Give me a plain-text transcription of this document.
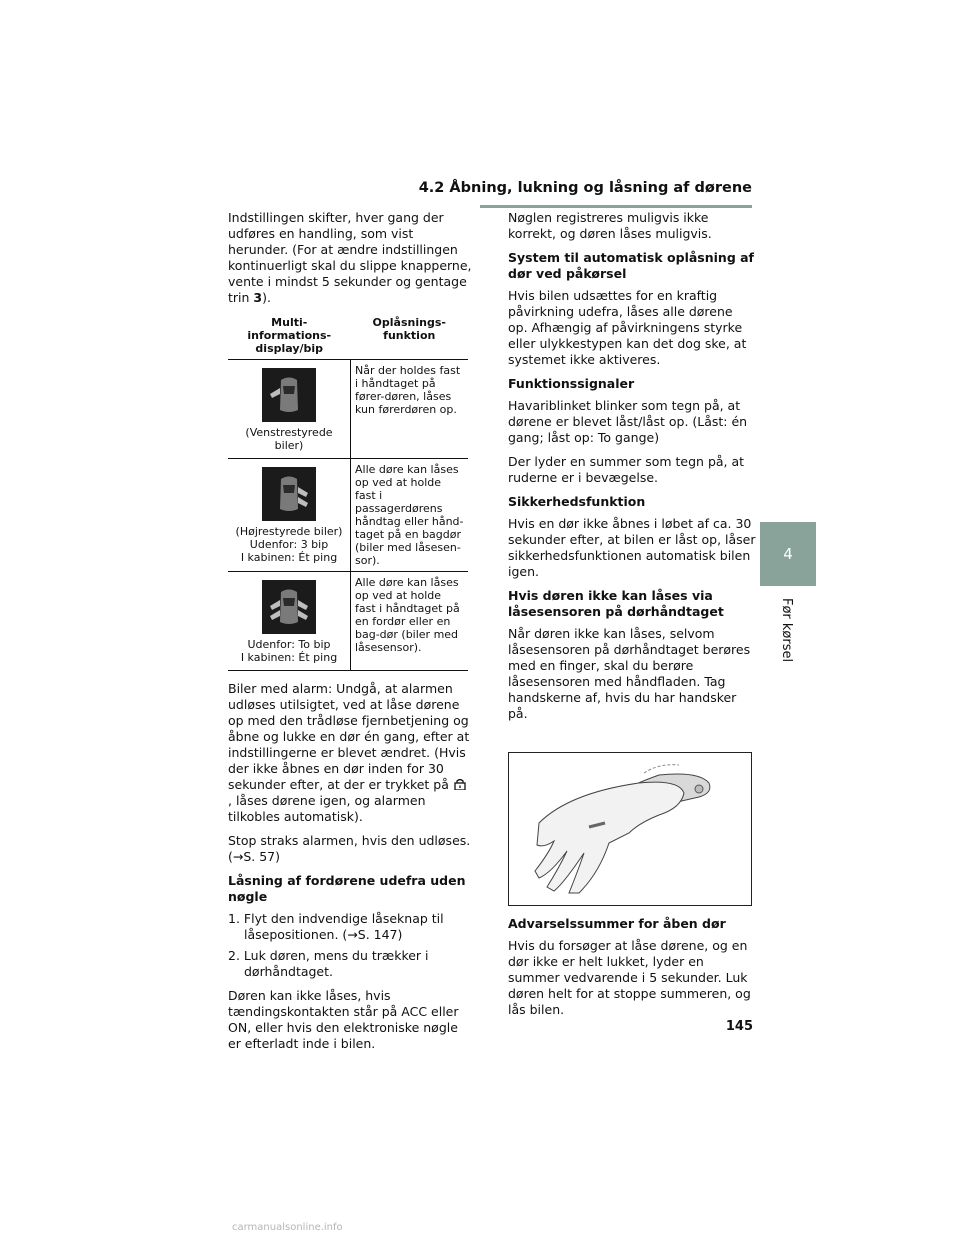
4.2 Åbning, lukning og låsning af dørene
4
Før kørsel

Indstillingen skifter, hver gang der udføres en handling, som vist herunder. (For at ændre indstillingen kontinuerligt skal du slippe knapperne, vente i mindst 5 sekunder og gentage trin 3).

Multi-informations-display/bip	Oplåsnings-funktion

(Venstrestyrede biler)	Når der holdes fast i håndtaget på fører-døren, låses kun førerdøren op.

(Højrestyrede biler)
Udenfor: 3 bip
I kabinen: Ét ping	Alle døre kan låses op ved at holde fast i passagerdørens håndtag eller hånd-taget på en bagdør (biler med låsesen-sor).

Udenfor: To bip
I kabinen: Ét ping	Alle døre kan låses op ved at holde fast i håndtaget på en fordør eller en bag-dør (biler med låsesensor).

Biler med alarm: Undgå, at alarmen udløses utilsigtet, ved at låse dørene op med den trådløse fjernbetjening og åbne og lukke en dør én gang, efter at indstillingerne er blevet ændret. (Hvis der ikke åbnes en dør inden for 30 sekunder efter, at der er trykket på, låses dørene igen, og alarmen tilkobles automatisk).

Stop straks alarmen, hvis den udløses. (→S. 57)

Låsning af fordørene udefra uden nøgle
1. Flyt den indvendige låseknap til låsepositionen. (→S. 147)
2. Luk døren, mens du trækker i dørhåndtaget.

Døren kan ikke låses, hvis tændingskontakten står på ACC eller ON, eller hvis den elektroniske nøgle er efterladt inde i bilen.

Nøglen registreres muligvis ikke korrekt, og døren låses muligvis.

System til automatisk oplåsning af dør ved påkørsel

Hvis bilen udsættes for en kraftig påvirkning udefra, låses alle dørene op. Afhængig af påvirkningens styrke eller ulykkestypen kan det dog ske, at systemet ikke aktiveres.

Funktionssignaler

Havariblinket blinker som tegn på, at dørene er blevet låst/låst op. (Låst: én gang; låst op: To gange)

Der lyder en summer som tegn på, at ruderne er i bevægelse.

Sikkerhedsfunktion

Hvis en dør ikke åbnes i løbet af ca. 30 sekunder efter, at bilen er låst op, låser sikkerhedsfunktionen automatisk bilen igen.

Hvis døren ikke kan låses via låsesensoren på dørhåndtaget

Når døren ikke kan låses, selvom låsesensoren på dørhåndtaget berøres med en finger, skal du berøre låsesensoren med håndfladen. Tag handskerne af, hvis du har handsker på.

Advarselssummer for åben dør

Hvis du forsøger at låse dørene, og en dør ikke er helt lukket, lyder en summer vedvarende i 5 sekunder. Luk døren helt for at stoppe summeren, og lås bilen.

145
carmanualsonline.info
